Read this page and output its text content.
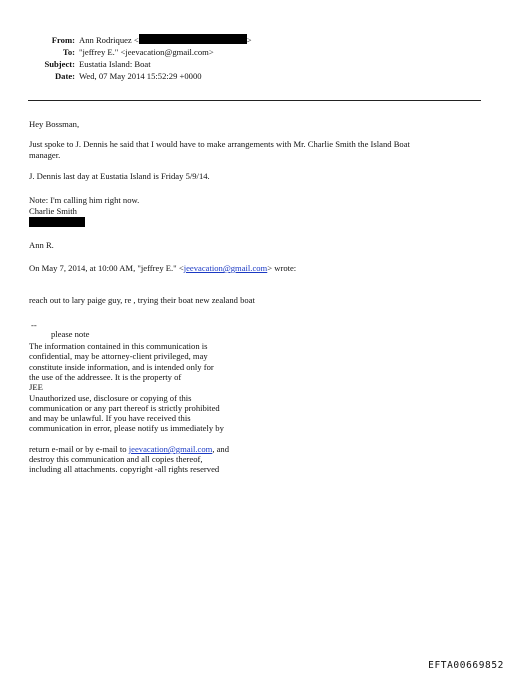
From: Ann Rodriquez <	>
To: "jeffrey E." <jeevacation@gmail.com>
Subject: Eustatia Island: Boat
Date: Wed, 07 May 2014 15:52:29 +0000
Hey Bossman,
Just spoke to J. Dennis he said that I would have to make arrangements with Mr. Charlie Smith the Island Boat
manager.
J. Dennis last day at Eustatia Island is Friday 5/9/14.
Note: I'm calling him right now.
Charlie Smith
Ann R.
On May 7, 2014, at 10:00 AM, "jeffrey E." <jeevacation@gmail.com> wrote:
reach out to lary paige guy, re , trying their boat new zealand boat
--
please note
The information contained in this communication is
confidential, may be attorney-client privileged, may
constitute inside information, and is intended only for
the use of the addressee. It is the property of
JEE
Unauthorized use, disclosure or copying of this
communication or any part thereof is strictly prohibited
and may be unlawful. If you have received this
communication in error, please notify us immediately by
return e-mail or by e-mail to jeevacation@gmail.com, and
destroy this communication and all copies thereof,
including all attachments. copyright -all rights reserved
EFTA00669852
